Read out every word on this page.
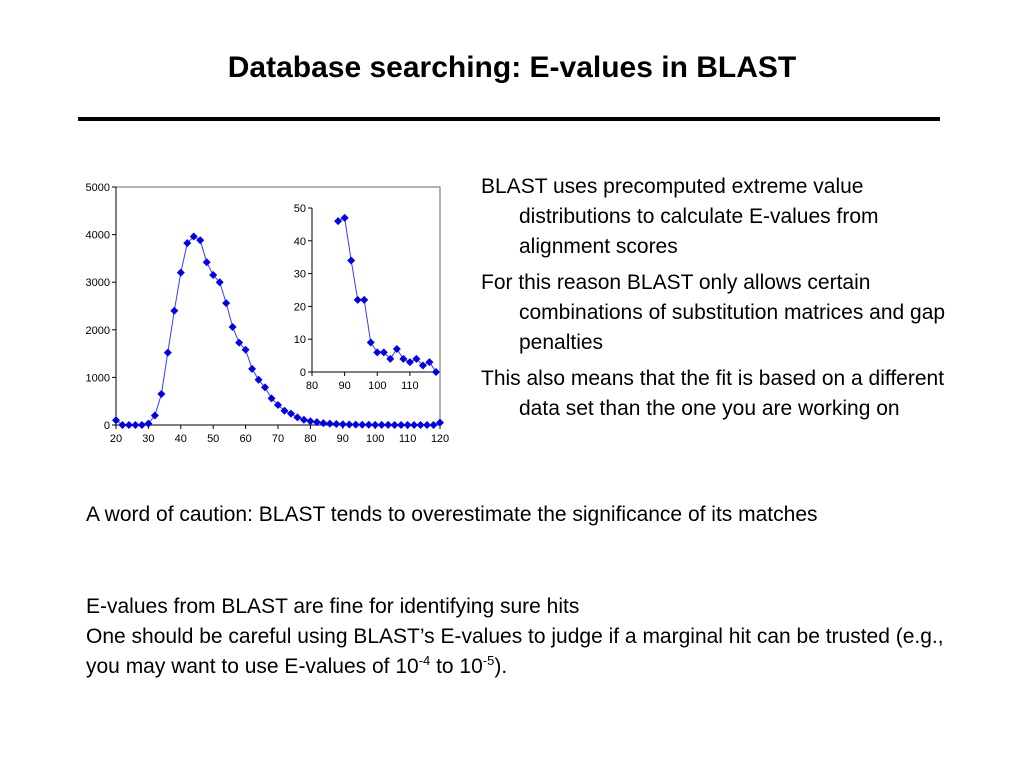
Database searching: E-values in BLAST
0
1000
2000
3000
4000
5000
20 30 40 50 60 70 80 90 100 110 120
0
10
20
30
40
50
80 90 100 110
BLAST uses precomputed extreme value distributions to calculate E-values from alignment scores
For this reason BLAST only allows certain combinations of substitution matrices and gap penalties
This also means that the fit is based on a different data set than the one you are working on

A word of caution: BLAST tends to overestimate the significance of its matches

E-values from BLAST are fine for identifying sure hits

One should be careful using BLAST’s E-values to judge if a marginal hit can be trusted (e.g., you may want to use E-values of $10^{-4}$ to $10^{-5}$).
